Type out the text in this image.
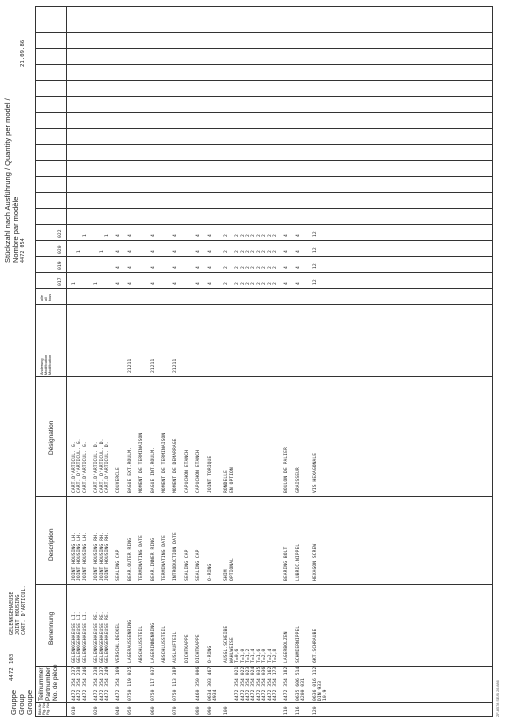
Gruppe Group Groupe
4472 103
GELENKGEHAEUSE JOINT HOUSING CART. D'ARTICUL.
Stückzahl nach Ausführung / Quantity per model / Nombre par modèle 4472 054
21.09.86
Bild-Nr. Fig. No. Fig. No.
Teilnummer Partnumber No. de pièce
Benennung
Description
Désignation
Änderung Modification Modification
alle all tous
017
019
020
022
010
4472 354 237 4472 354 238 4472 354 246
GELENKGEHAEUSE LI. GELENKGEHAEUSE LI. GELENKGEHAEUSE LI.
JOINT HOUSING LH. JOINT HOUSING LH. JOINT HOUSING LH.
CART.D'ARTICUL. G. CART. D'ARTICUL. G. CART.D'ARTICUL. G.
1
1
1
020
4472 354 238 4472 354 237 4472 354 249
GELENKGEHAEUSE RE. GELENKGEHAEUSE RE. GELENKGEHAEUSE RE.
JOINT HOUSING RH. JOINT HOUSING RH. JOINT HOUSING RH.
CART.D'ARTICUL. D. CART. D'ARTICUL. D. CART.D'ARTICUL. D.
1
1
1
040
4472 354 169
VERSCHL.DECKEL
SEALING CAP
COUVERCLE
4
4
4
4
050
0750 119 025
LAGERAUSSENRING
BEAR.OUTER RING
BAGUE EXT.ROULM.
21211
4
4
4
4
ABSCHLUSSTEIL
TERMINATING DATE
MOMENT DE TERMINAISON
060
0750 117 037
LAGERINNENRING
BEAR.INNER RING
BAGUE INT.ROULM.
21211
4
4
4
4
ABSCHLUSSTEIL
TERMINATING DATE
MOMENT DE TERMINAISON
070
0750 113 38P
AUSLAUFTEIL
INTRODUCTION DATE
MOMENT DE DEMARRAGE
21211
4
4
4
4
DICHTKAPPE
SEALING CAP
CAPUCHON ETANCH
080
4460 350 006
DICHTKAPPE
SEALING CAP
CAPUCHON ETANCH
4
4
4
4
090
0634 303 467 4934
O-RING
O-RING
JOINT TORIQUE
4
4
4
4
100
4472 354 021 4472 354 022 4472 354 023 4472 354 024 4472 354 035 4472 354 036 4472 354 162 4472 354 173
AUSGL.SCHEIBE WAHLWEISE T=0,6 T=1,0 T=1,2 T=1,4 T=1,6 T=2,0 T=2,4 T=2,8
SHIM OPTIONAL
RONDELLE EN OPTION
2
2
2
2
2
2
2
2
2
2
2
2
2
2
2
2
2
2
2
2
2
2
2
2
2
2
2
2
2
2
2
2
2
2
2
2
110
4472 354 182
LAGERBOLZEN
BEARING BOLT
BOULON DE PALIER
4
4
4
4
116
0635 606 514 4200 031
SCHMIERNIPPEL
LUBRIC.NIPPEL
GRAISSEUR
4
4
4
4
120
0636 016 112 DIN 933 10.9
6KT.SCHRAUBE
HEXAGON SCREW
VIS HEXAGONALE
12
12
12
12
ZF-8578 SE/B 26.886
